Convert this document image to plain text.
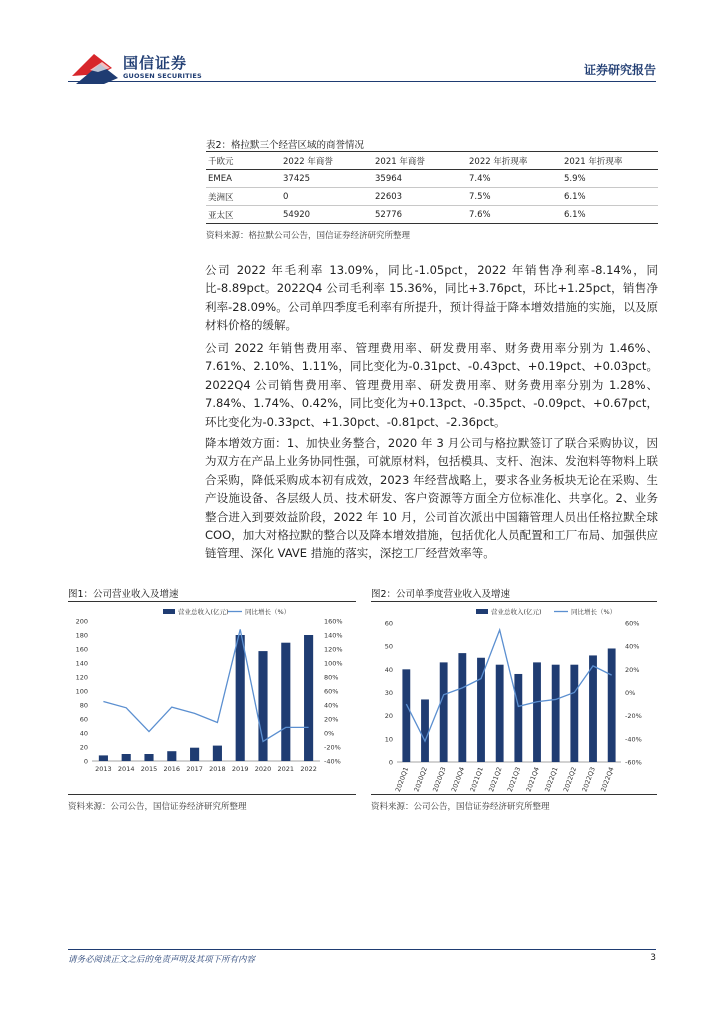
国信证券
GUOSEN SECURITIES	证券研究报告
表2：格拉默三个经营区域的商誉情况
千欧元	2022 年商誉	2021 年商誉	2022 年折现率	2021 年折现率
EMEA	37425	35964	7.4%	5.9%
美洲区	0	22603	7.5%	6.1%
亚太区	54920	52776	7.6%	6.1%
资料来源：格拉默公司公告，国信证券经济研究所整理

公司 2022 年毛利率 13.09%，同比-1.05pct，2022 年销售净利率-8.14%，同比-8.89pct。2022Q4 公司毛利率 15.36%，同比+3.76pct，环比+1.25pct，销售净利率-28.09%。公司单四季度毛利率有所提升，预计得益于降本增效措施的实施，以及原材料价格的缓解。

公司 2022 年销售费用率、管理费用率、研发费用率、财务费用率分别为 1.46%、7.61%、2.10%、1.11%，同比变化为-0.31pct、-0.43pct、+0.19pct、+0.03pct。2022Q4 公司销售费用率、管理费用率、研发费用率、财务费用率分别为 1.28%、7.84%、1.74%、0.42%，同比变化为+0.13pct、-0.35pct、-0.09pct、+0.67pct，环比变化为-0.33pct、+1.30pct、-0.81pct、-2.36pct。

降本增效方面：1、加快业务整合，2020 年 3 月公司与格拉默签订了联合采购协议，因为双方在产品上业务协同性强，可就原材料，包括模具、支杆、泡沫、发泡料等物料上联合采购，降低采购成本初有成效，2023 年经营战略上，要求各业务板块无论在采购、生产设施设备、各层级人员、技术研发、客户资源等方面全方位标准化、共享化。2、业务整合进入到要效益阶段，2022 年 10 月，公司首次派出中国籍管理人员出任格拉默全球 COO，加大对格拉默的整合以及降本增效措施，包括优化人员配置和工厂布局、加强供应链管理、深化 VAVE 措施的落实，深挖工厂经营效率等。

图1：公司营业收入及增速
0
20
40
60
80
100
120
140
160
180
200
-40%
-20%
0%
20%
40%
60%
80%
100%
120%
140%
160%
2013 2014 2015 2016 2017 2018 2019 2020 2021 2022
营业总收入(亿元)	同比增长（%）
资料来源：公司公告，国信证券经济研究所整理
图2：公司单季度营业收入及增速
0
10
20
30
40
50
60
-60%
-40%
-20%
0%
20%
40%
60%
2020Q1 2020Q2 2020Q3 2020Q4 2021Q1 2021Q2 2021Q3 2021Q4 2022Q1 2022Q2 2022Q3 2022Q4
营业总收入(亿元)	同比增长（%）
资料来源：公司公告，国信证券经济研究所整理
请务必阅读正文之后的免责声明及其项下所有内容	3
